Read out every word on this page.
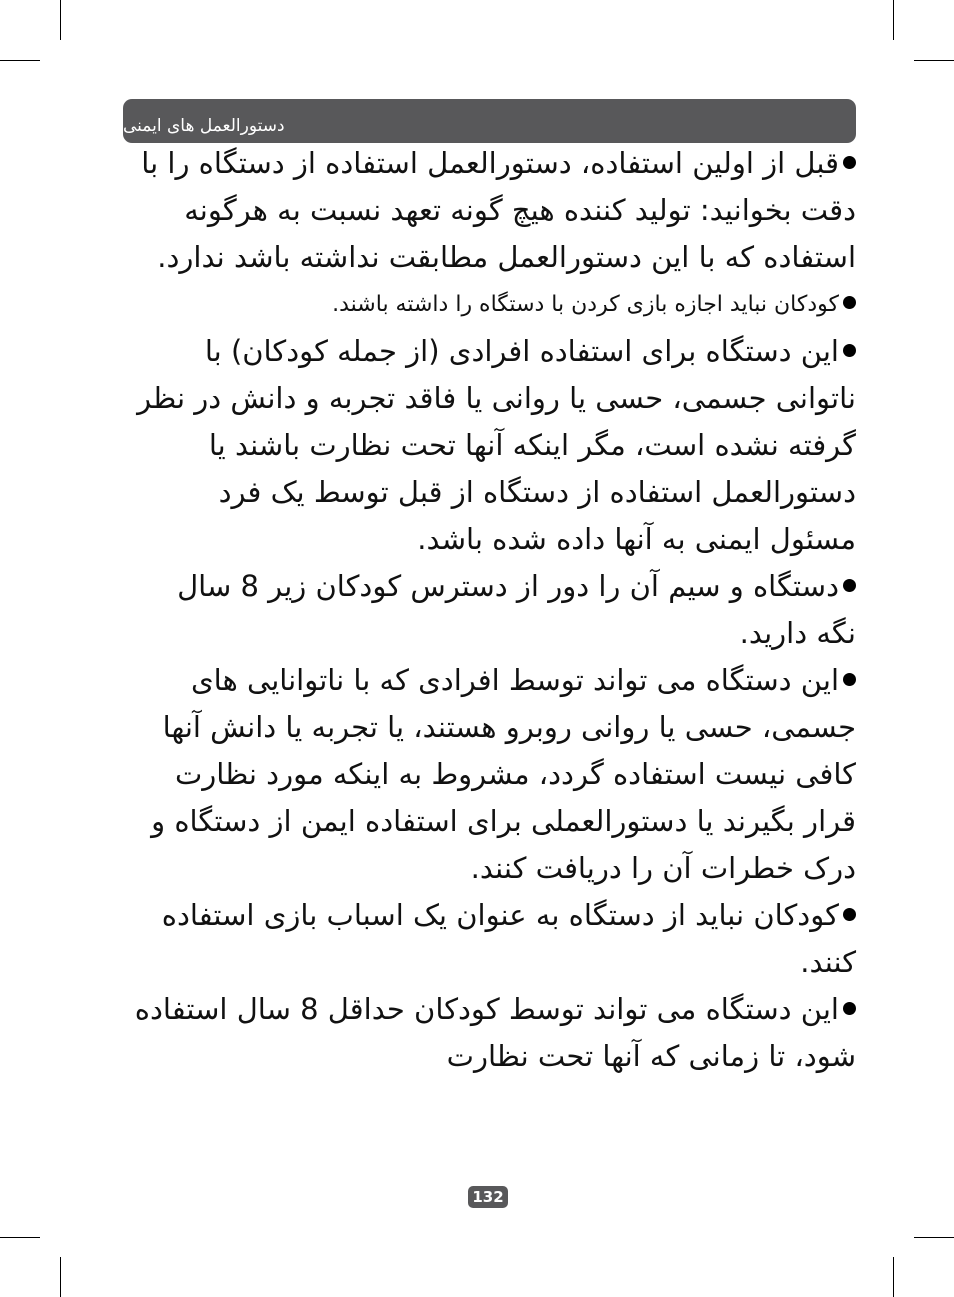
دستورالعمل های ایمنی

قبل از اولین استفاده، دستورالعمل استفاده از دستگاه را با دقت بخوانید: تولید کننده هیچ گونه تعهد نسبت به هرگونه استفاده که با این دستورالعمل مطابقت نداشته باشد ندارد.

کودکان نباید اجازه بازی کردن با دستگاه را داشته باشند.

این دستگاه برای استفاده افرادی (از جمله کودکان) با ناتوانی جسمی، حسی یا روانی یا فاقد تجربه و دانش در نظر گرفته نشده است، مگر اینکه آنها تحت نظارت باشند یا دستورالعمل استفاده از دستگاه از قبل توسط یک فرد مسئول ایمنی به آنها داده شده باشد.

دستگاه و سیم آن را دور از دسترس کودکان زیر 8 سال نگه دارید.

این دستگاه می تواند توسط افرادی که با ناتوانایی های جسمی، حسی یا روانی روبرو هستند، یا تجربه یا دانش آنها کافی نیست استفاده گردد، مشروط به اینکه مورد نظارت قرار بگیرند یا دستورالعملی برای استفاده ایمن از دستگاه و درک خطرات آن را دریافت کنند.

کودکان نباید از دستگاه به عنوان یک اسباب بازی استفاده کنند.

این دستگاه می تواند توسط کودکان حداقل 8 سال استفاده شود، تا زمانی که آنها تحت نظارت

132
